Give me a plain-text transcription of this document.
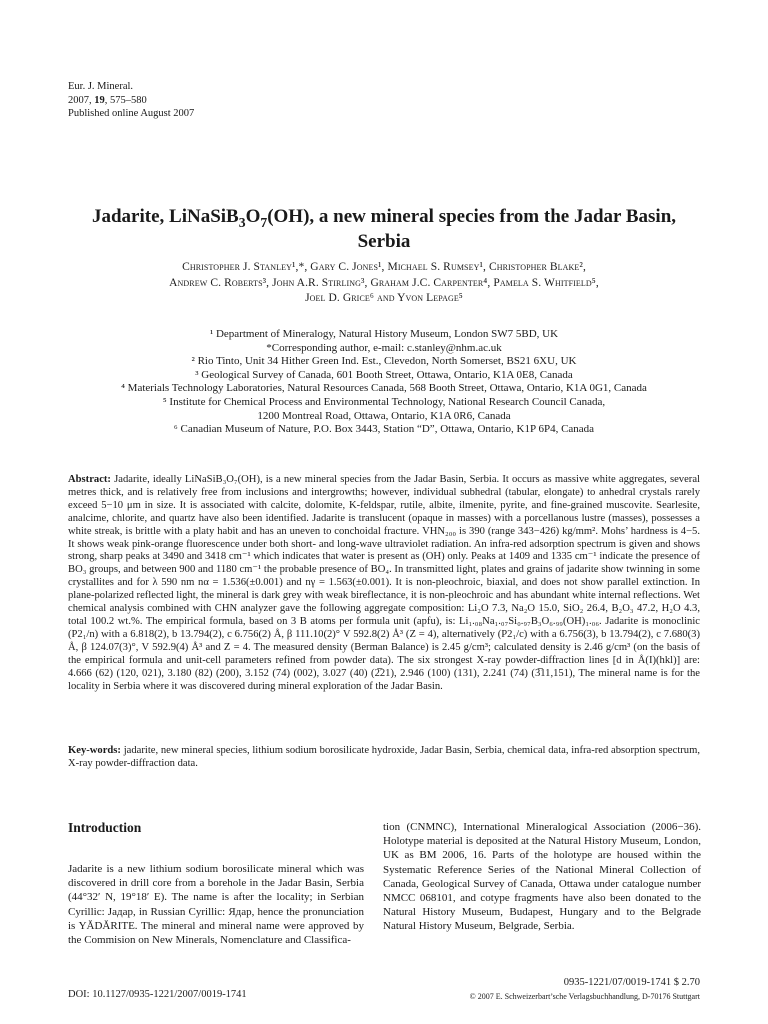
Eur. J. Mineral.
2007, 19, 575–580
Published online August 2007
Jadarite, $LiNaSiB_3O_7(OH)$, a new mineral species from the Jadar Basin, Serbia
Christopher J. Stanley¹,*, Gary C. Jones¹, Michael S. Rumsey¹, Christopher Blake²,
Andrew C. Roberts³, John A.R. Stirling³, Graham J.C. Carpenter⁴, Pamela S. Whitfield⁵,
Joel D. Grice⁶ and Yvon Lepage⁵
¹ Department of Mineralogy, Natural History Museum, London SW7 5BD, UK
*Corresponding author, e-mail: c.stanley@nhm.ac.uk
² Rio Tinto, Unit 34 Hither Green Ind. Est., Clevedon, North Somerset, BS21 6XU, UK
³ Geological Survey of Canada, 601 Booth Street, Ottawa, Ontario, K1A 0E8, Canada
⁴ Materials Technology Laboratories, Natural Resources Canada, 568 Booth Street, Ottawa, Ontario, K1A 0G1, Canada
⁵ Institute for Chemical Process and Environmental Technology, National Research Council Canada,
1200 Montreal Road, Ottawa, Ontario, K1A 0R6, Canada
⁶ Canadian Museum of Nature, P.O. Box 3443, Station “D”, Ottawa, Ontario, K1P 6P4, Canada
Abstract: Jadarite, ideally LiNaSiB₃O₇(OH), is a new mineral species from the Jadar Basin, Serbia. It occurs as massive white aggregates, several metres thick, and is relatively free from inclusions and intergrowths; however, individual subhedral (tabular, elongate) to anhedral crystals rarely exceed 5−10 μm in size. It is associated with calcite, dolomite, K-feldspar, rutile, albite, ilmenite, pyrite, and fine-grained muscovite. Searlesite, analcime, chlorite, and quartz have also been identified. Jadarite is translucent (opaque in masses) with a porcellanous lustre (masses), possesses a white streak, is brittle with a platy habit and has an uneven to conchoidal fracture. VHN₂₀₀ is 390 (range 343−426) kg/mm². Mohs’ hardness is 4−5. It shows weak pink-orange fluorescence under both short- and long-wave ultraviolet radiation. An infra-red adsorption spectrum is given and shows strong, sharp peaks at 3490 and 3418 cm⁻¹ which indicates that water is present as (OH) only. Peaks at 1409 and 1335 cm⁻¹ indicate the presence of BO₃ groups, and between 900 and 1180 cm⁻¹ the probable presence of BO₄. In transmitted light, plates and grains of jadarite show twinning in some crystallites and for λ 590 nm nα = 1.536(±0.001) and nγ = 1.563(±0.001). It is non-pleochroic, biaxial, and does not show parallel extinction. In plane-polarized reflected light, the mineral is dark grey with weak bireflectance, it is non-pleochroic and has abundant white internal reflections. Wet chemical analysis combined with CHN analyzer gave the following aggregate composition: Li₂O 7.3, Na₂O 15.0, SiO₂ 26.4, B₂O₃ 47.2, H₂O 4.3, total 100.2 wt.%. The empirical formula, based on 3 B atoms per formula unit (apfu), is: Li₁.₀₈Na₁.₀₇Si₀.₉₇B₃O₆.₉₉(OH)₁.₀₆. Jadarite is monoclinic (P2₁/n) with a 6.818(2), b 13.794(2), c 6.756(2) Å, β 111.10(2)° V 592.8(2) Å³ (Z = 4), alternatively (P2₁/c) with a 6.756(3), b 13.794(2), c 7.680(3) Å, β 124.07(3)°, V 592.9(4) Å³ and Z = 4. The measured density (Berman Balance) is 2.45 g/cm³; calculated density is 2.46 g/cm³ (on the basis of the empirical formula and unit-cell parameters refined from powder data). The six strongest X-ray powder-diffraction lines [d in Å(I)(hkl)] are: 4.666 (62) (120, 021), 3.180 (82) (200), 3.152 (74) (002), 3.027 (40) (2̅21), 2.946 (100) (131), 2.241 (74) (3̅11,151), The mineral name is for the locality in Serbia where it was discovered during mineral exploration of the Jadar Basin.
Key-words: jadarite, new mineral species, lithium sodium borosilicate hydroxide, Jadar Basin, Serbia, chemical data, infra-red absorption spectrum, X-ray powder-diffraction data.
Introduction
Jadarite is a new lithium sodium borosilicate mineral which was discovered in drill core from a borehole in the Jadar Basin, Serbia (44°32′ N, 19°18′ E). The name is after the locality; in Serbian Cyrillic: Јадар, in Russian Cyrillic: Ядар, hence the pronunciation is YĂDĂRITE. The mineral and mineral name were approved by the Commision on New Minerals, Nomenclature and Classifica-
tion (CNMNC), International Mineralogical Association (2006−36). Holotype material is deposited at the Natural History Museum, London, UK as BM 2006, 16. Parts of the holotype are housed within the Systematic Reference Series of the National Mineral Collection of Canada, Geological Survey of Canada, Ottawa under catalogue number NMCC 068101, and cotype fragments have also been donated to the Natural History Museum, Budapest, Hungary and to the Belgrade Natural History Museum, Belgrade, Serbia.
0935-1221/07/0019-1741 $ 2.70
© 2007 E. Schweizerbart’sche Verlagsbuchhandlung, D-70176 Stuttgart
DOI: 10.1127/0935-1221/2007/0019-1741
